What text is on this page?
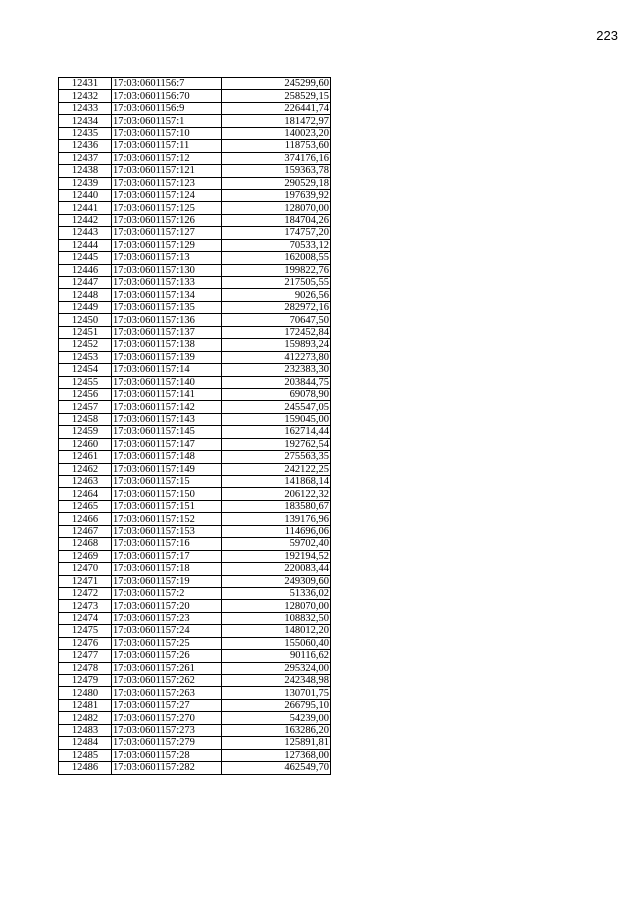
223
12431	17:03:0601156:7	245299,60
12432	17:03:0601156:70	258529,15
12433	17:03:0601156:9	226441,74
12434	17:03:0601157:1	181472,97
12435	17:03:0601157:10	140023,20
12436	17:03:0601157:11	118753,60
12437	17:03:0601157:12	374176,16
12438	17:03:0601157:121	159363,78
12439	17:03:0601157:123	290529,18
12440	17:03:0601157:124	197639,92
12441	17:03:0601157:125	128070,00
12442	17:03:0601157:126	184704,26
12443	17:03:0601157:127	174757,20
12444	17:03:0601157:129	70533,12
12445	17:03:0601157:13	162008,55
12446	17:03:0601157:130	199822,76
12447	17:03:0601157:133	217505,55
12448	17:03:0601157:134	9026,56
12449	17:03:0601157:135	282972,16
12450	17:03:0601157:136	70647,50
12451	17:03:0601157:137	172452,84
12452	17:03:0601157:138	159893,24
12453	17:03:0601157:139	412273,80
12454	17:03:0601157:14	232383,30
12455	17:03:0601157:140	203844,75
12456	17:03:0601157:141	69078,90
12457	17:03:0601157:142	245547,05
12458	17:03:0601157:143	159045,00
12459	17:03:0601157:145	162714,44
12460	17:03:0601157:147	192762,54
12461	17:03:0601157:148	275563,35
12462	17:03:0601157:149	242122,25
12463	17:03:0601157:15	141868,14
12464	17:03:0601157:150	206122,32
12465	17:03:0601157:151	183580,67
12466	17:03:0601157:152	139176,96
12467	17:03:0601157:153	114696,06
12468	17:03:0601157:16	59702,40
12469	17:03:0601157:17	192194,52
12470	17:03:0601157:18	220083,44
12471	17:03:0601157:19	249309,60
12472	17:03:0601157:2	51336,02
12473	17:03:0601157:20	128070,00
12474	17:03:0601157:23	108832,50
12475	17:03:0601157:24	148012,20
12476	17:03:0601157:25	155060,40
12477	17:03:0601157:26	90116,62
12478	17:03:0601157:261	295324,00
12479	17:03:0601157:262	242348,98
12480	17:03:0601157:263	130701,75
12481	17:03:0601157:27	266795,10
12482	17:03:0601157:270	54239,00
12483	17:03:0601157:273	163286,20
12484	17:03:0601157:279	125891,81
12485	17:03:0601157:28	127368,00
12486	17:03:0601157:282	462549,70
